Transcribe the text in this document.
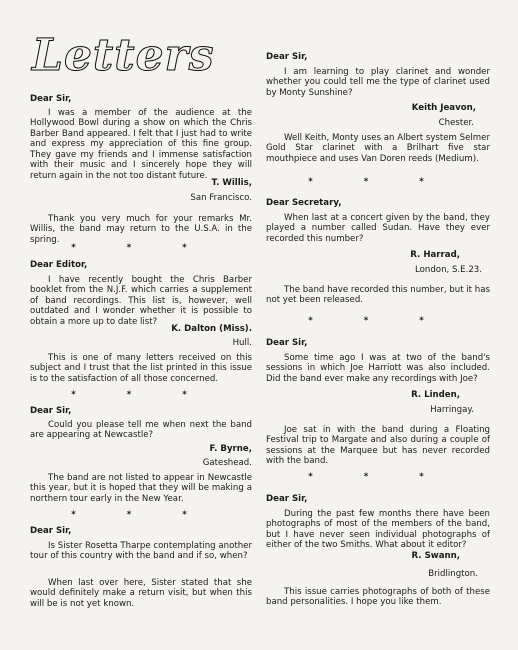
Letters

Dear Sir,

I was a member of the audience at the Hollywood Bowl during a show on which the Chris Barber Band appeared. I felt that I just had to write and express my appreciation of this fine group. They gave my friends and I immense satisfaction with their music and I sincerely hope they will return again in the not too distant future.

T. Willis,

San Francisco.

Thank you very much for your remarks Mr. Willis, the band may return to the U.S.A. in the spring.

* * *

Dear Editor,

I have recently bought the Chris Barber booklet from the N.J.F. which carries a supplement of band recordings. This list is, however, well outdated and I wonder whether it is possible to obtain a more up to date list?

K. Dalton (Miss).

Hull.

This is one of many letters received on this subject and I trust that the list printed in this issue is to the satisfaction of all those concerned.

* * *

Dear Sir,

Could you please tell me when next the band are appearing at Newcastle?

F. Byrne,

Gateshead.

The band are not listed to appear in Newcastle this year, but it is hoped that they will be making a northern tour early in the New Year.

* * *

Dear Sir,

Is Sister Rosetta Tharpe contemplating another tour of this country with the band and if so, when?

When last over here, Sister stated that she would definitely make a return visit, but when this will be is not yet known.

Dear Sir,

I am learning to play clarinet and wonder whether you could tell me the type of clarinet used by Monty Sunshine?

Keith Jeavon,

Chester.

Well Keith, Monty uses an Albert system Selmer Gold Star clarinet with a Brilhart five star mouthpiece and uses Van Doren reeds (Medium).

* * *

Dear Secretary,

When last at a concert given by the band, they played a number called Sudan. Have they ever recorded this number?

R. Harrad,

London, S.E.23.

The band have recorded this number, but it has not yet been released.

* * *

Dear Sir,

Some time ago I was at two of the band's sessions in which Joe Harriott was also included. Did the band ever make any recordings with Joe?

R. Linden,

Harringay.

Joe sat in with the band during a Floating Festival trip to Margate and also during a couple of sessions at the Marquee but has never recorded with the band.

* * *

Dear Sir,

During the past few months there have been photographs of most of the members of the band, but I have never seen individual photographs of either of the two Smiths. What about it editor?

R. Swann,

Bridlington.

This issue carries photographs of both of these band personalities. I hope you like them.
